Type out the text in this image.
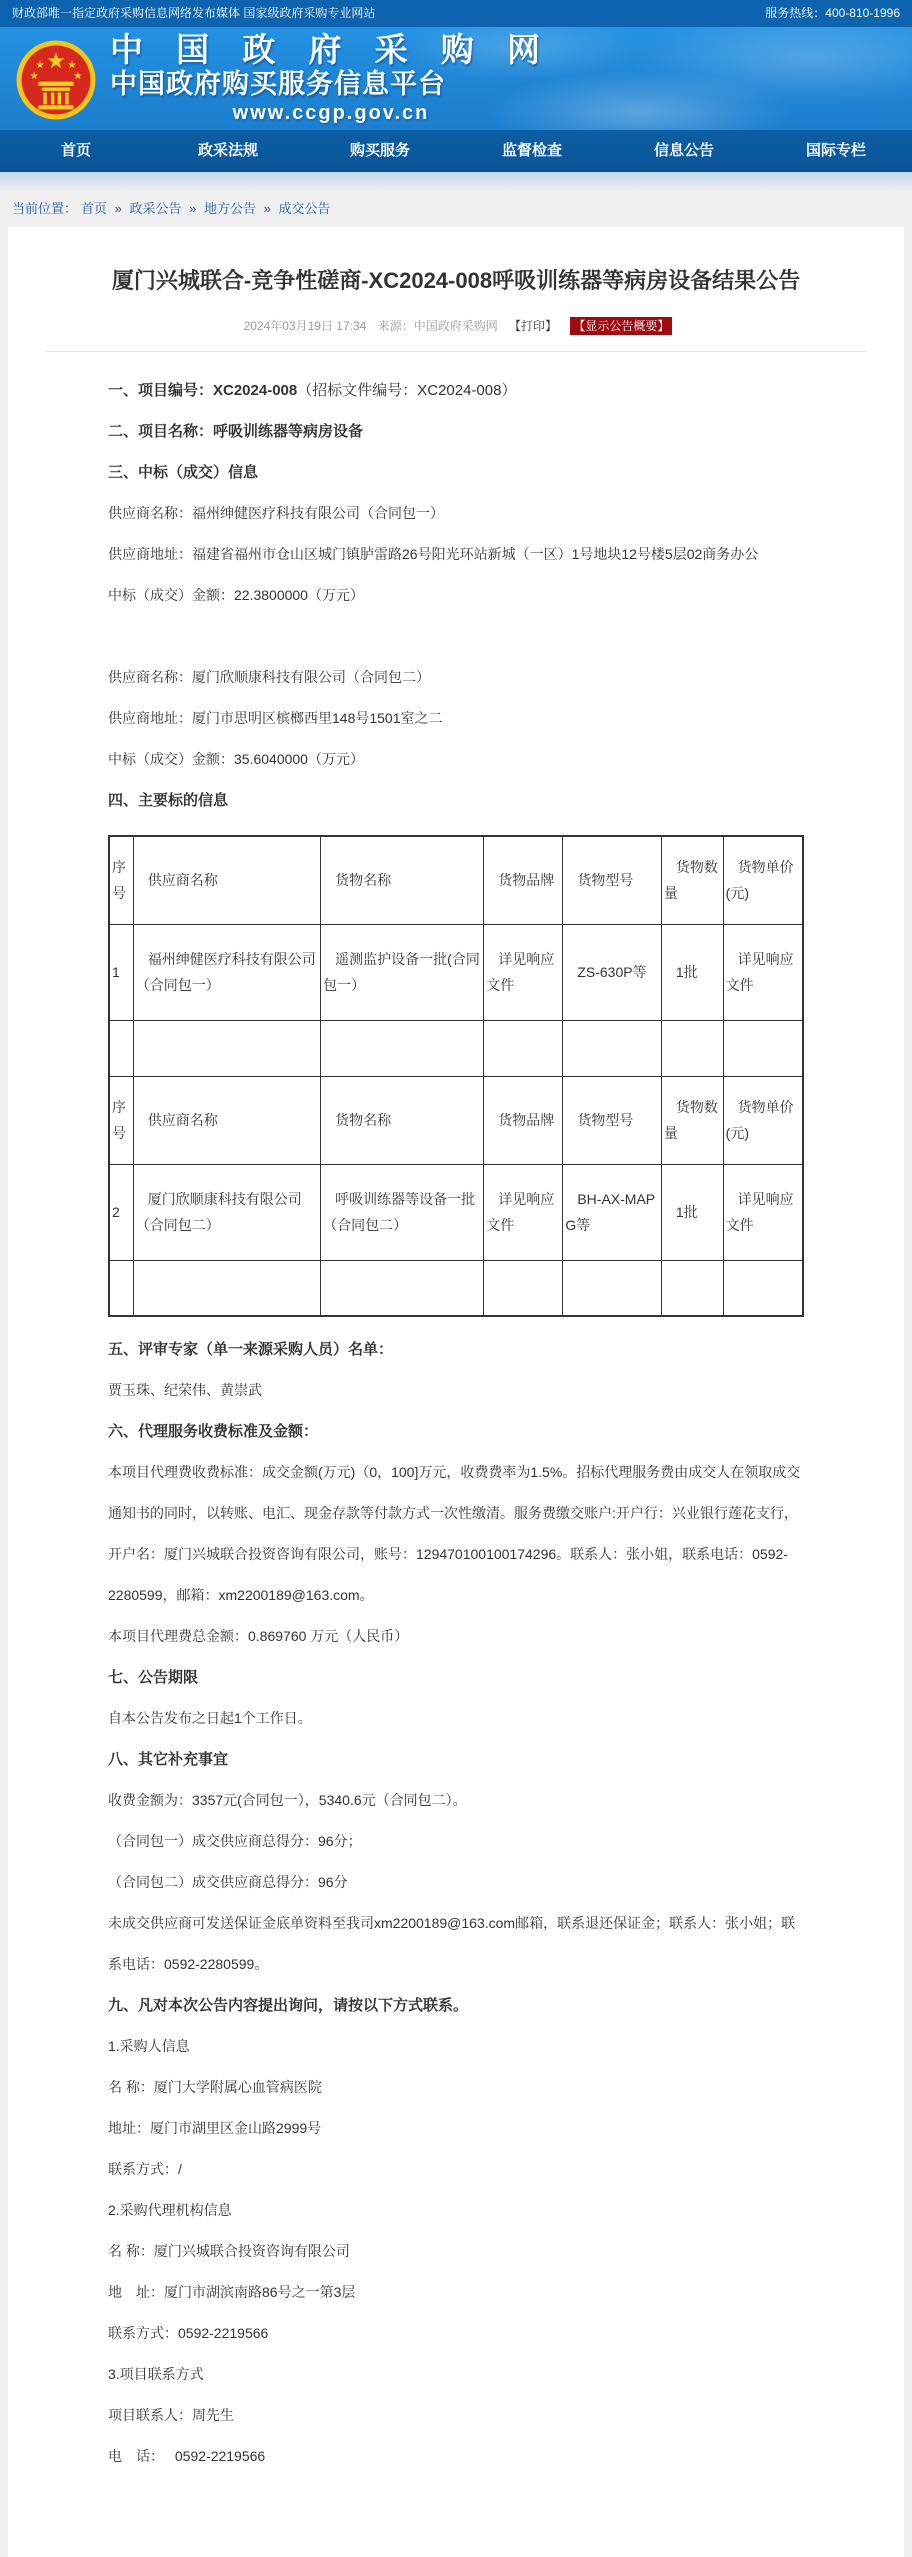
财政部唯一指定政府采购信息网络发布媒体 国家级政府采购专业网站	服务热线：400-810-1996
中 国 政 府 采 购 网
中国政府购买服务信息平台
www.ccgp.gov.cn
首页	政采法规	购买服务	监督检查	信息公告	国际专栏
当前位置： 首页 » 政采公告 » 地方公告 » 成交公告
厦门兴城联合-竞争性磋商-XC2024-008呼吸训练器等病房设备结果公告
2024年03月19日 17:34 来源：中国政府采购网 【打印】 【显示公告概要】

一、项目编号：XC2024-008（招标文件编号：XC2024-008）

二、项目名称：呼吸训练器等病房设备

三、中标（成交）信息

供应商名称：福州绅健医疗科技有限公司（合同包一）

供应商地址：福建省福州市仓山区城门镇胪雷路26号阳光环站新城（一区）1号地块12号楼5层02商务办公

中标（成交）金额：22.3800000（万元）

供应商名称：厦门欣顺康科技有限公司（合同包二）

供应商地址：厦门市思明区槟榔西里148号1501室之二

中标（成交）金额：35.6040000（万元）

四、主要标的信息

序号	供应商名称	货物名称	货物品牌	货物型号	货物数量	货物单价(元)
1	福州绅健医疗科技有限公司（合同包一）	遥测监护设备一批(合同包一）	详见响应文件	ZS-630P等	1批	详见响应文件

序号	供应商名称	货物名称	货物品牌	货物型号	货物数量	货物单价(元)
2	厦门欣顺康科技有限公司（合同包二）	呼吸训练器等设备一批（合同包二）	详见响应文件	BH-AX-MAPG等	1批	详见响应文件

五、评审专家（单一来源采购人员）名单：

贾玉珠、纪荣伟、黄崇武

六、代理服务收费标准及金额：

本项目代理费收费标准：成交金额(万元)（0，100]万元，收费费率为1.5%。招标代理服务费由成交人在领取成交通知书的同时，以转账、电汇、现金存款等付款方式一次性缴清。服务费缴交账户:开户行：兴业银行莲花支行，开户名：厦门兴城联合投资咨询有限公司，账号：129470100100174296。联系人：张小姐，联系电话：0592-2280599，邮箱：xm2200189@163.com。

本项目代理费总金额：0.869760 万元（人民币）

七、公告期限

自本公告发布之日起1个工作日。

八、其它补充事宜

收费金额为：3357元(合同包一），5340.6元（合同包二）。

（合同包一）成交供应商总得分：96分；

（合同包二）成交供应商总得分：96分

未成交供应商可发送保证金底单资料至我司xm2200189@163.com邮箱，联系退还保证金；联系人：张小姐；联系电话：0592-2280599。

九、凡对本次公告内容提出询问，请按以下方式联系。

1.采购人信息

名 称：厦门大学附属心血管病医院

地址：厦门市湖里区金山路2999号

联系方式：/

2.采购代理机构信息

名 称：厦门兴城联合投资咨询有限公司

地　址：厦门市湖滨南路86号之一第3层

联系方式：0592-2219566

3.项目联系方式

项目联系人：周先生

电　话：　 0592-2219566
